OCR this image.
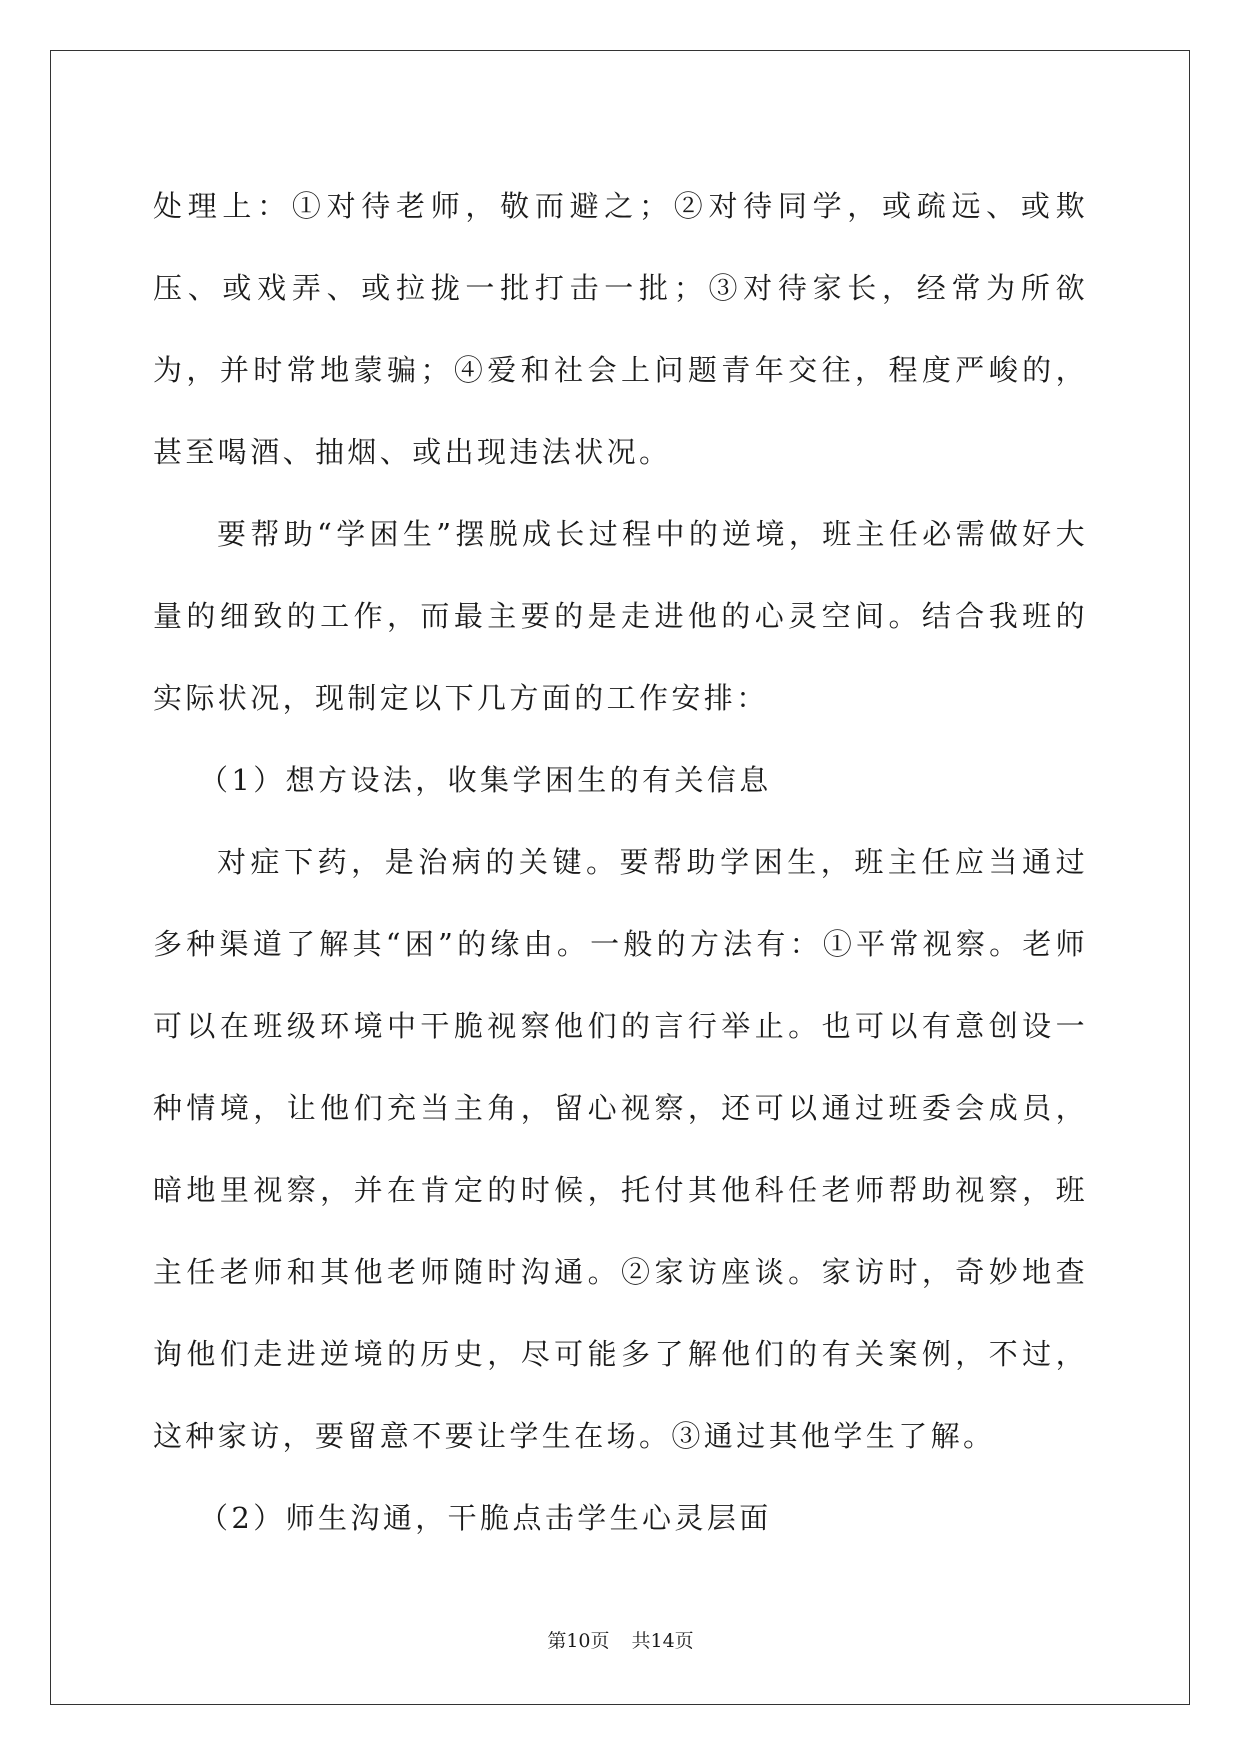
处理上：①对待老师，敬而避之；②对待同学，或疏远、或欺压、或戏弄、或拉拢一批打击一批；③对待家长，经常为所欲为，并时常地蒙骗；④爱和社会上问题青年交往，程度严峻的，甚至喝酒、抽烟、或出现违法状况。

要帮助“学困生”摆脱成长过程中的逆境，班主任必需做好大量的细致的工作，而最主要的是走进他的心灵空间。结合我班的实际状况，现制定以下几方面的工作安排：

（1）想方设法，收集学困生的有关信息

对症下药，是治病的关键。要帮助学困生，班主任应当通过多种渠道了解其“困”的缘由。一般的方法有：①平常视察。老师可以在班级环境中干脆视察他们的言行举止。也可以有意创设一种情境，让他们充当主角，留心视察，还可以通过班委会成员，暗地里视察，并在肯定的时候，托付其他科任老师帮助视察，班主任老师和其他老师随时沟通。②家访座谈。家访时，奇妙地查询他们走进逆境的历史，尽可能多了解他们的有关案例，不过，这种家访，要留意不要让学生在场。③通过其他学生了解。

（2）师生沟通，干脆点击学生心灵层面

第10页 共14页
